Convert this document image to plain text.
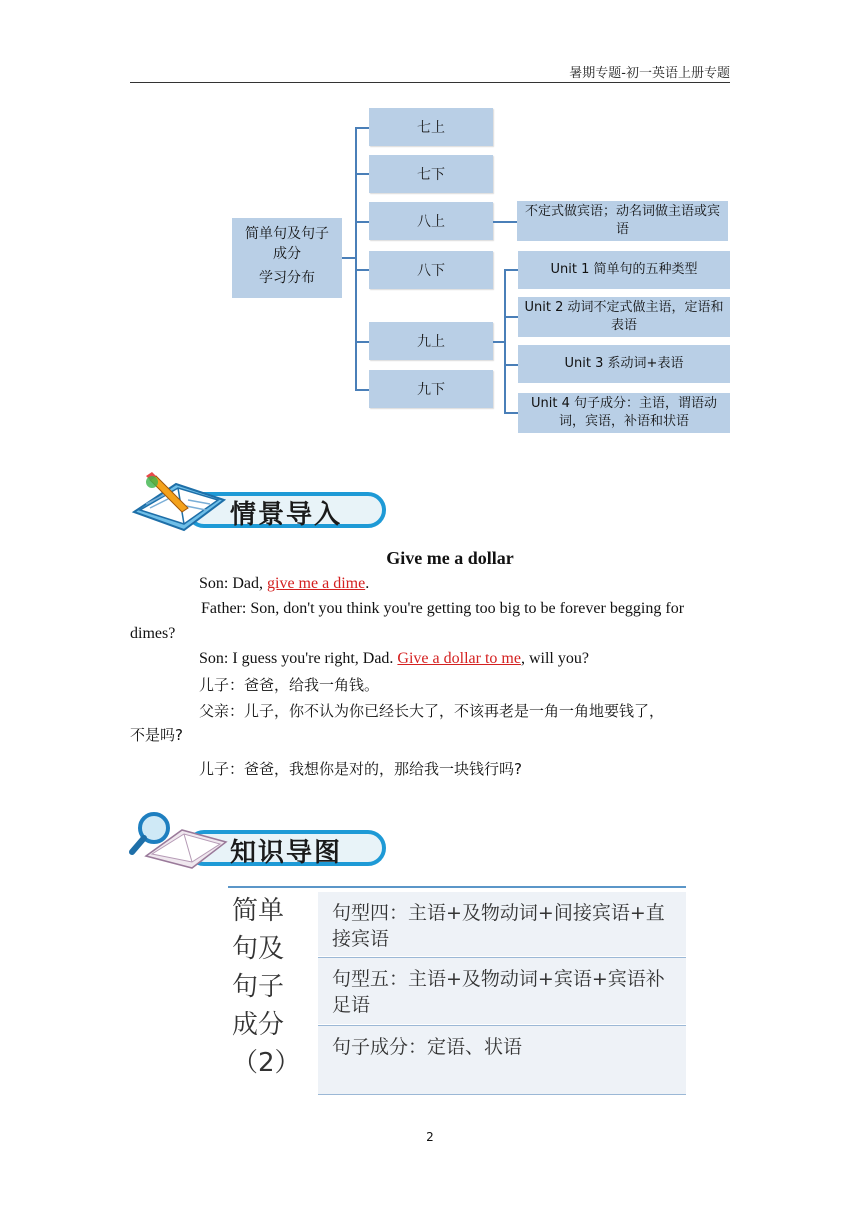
暑期专题-初一英语上册专题
简单句及句子
成分
学习分布
七上
七下
八上
八下
九上
九下
不定式做宾语；动名词做主语或宾语
Unit 1 简单句的五种类型
Unit 2 动词不定式做主语，定语和表语
Unit 3 系动词+表语
Unit 4 句子成分：主语，谓语动词，宾语，补语和状语
情景导入
Give me a dollar
Son: Dad, give me a dime.
Father: Son, don't you think you're getting too big to be forever begging for
dimes?
Son: I guess you're right, Dad. Give a dollar to me, will you?
儿子：爸爸，给我一角钱。
父亲：儿子，你不认为你已经长大了，不该再老是一角一角地要钱了，
不是吗?
儿子：爸爸，我想你是对的，那给我一块钱行吗?
知识导图
简单
句及
句子
成分
（2）
句型四：主语+及物动词+间接宾语+直接宾语
句型五：主语+及物动词+宾语+宾语补足语
句子成分：定语、状语
2
